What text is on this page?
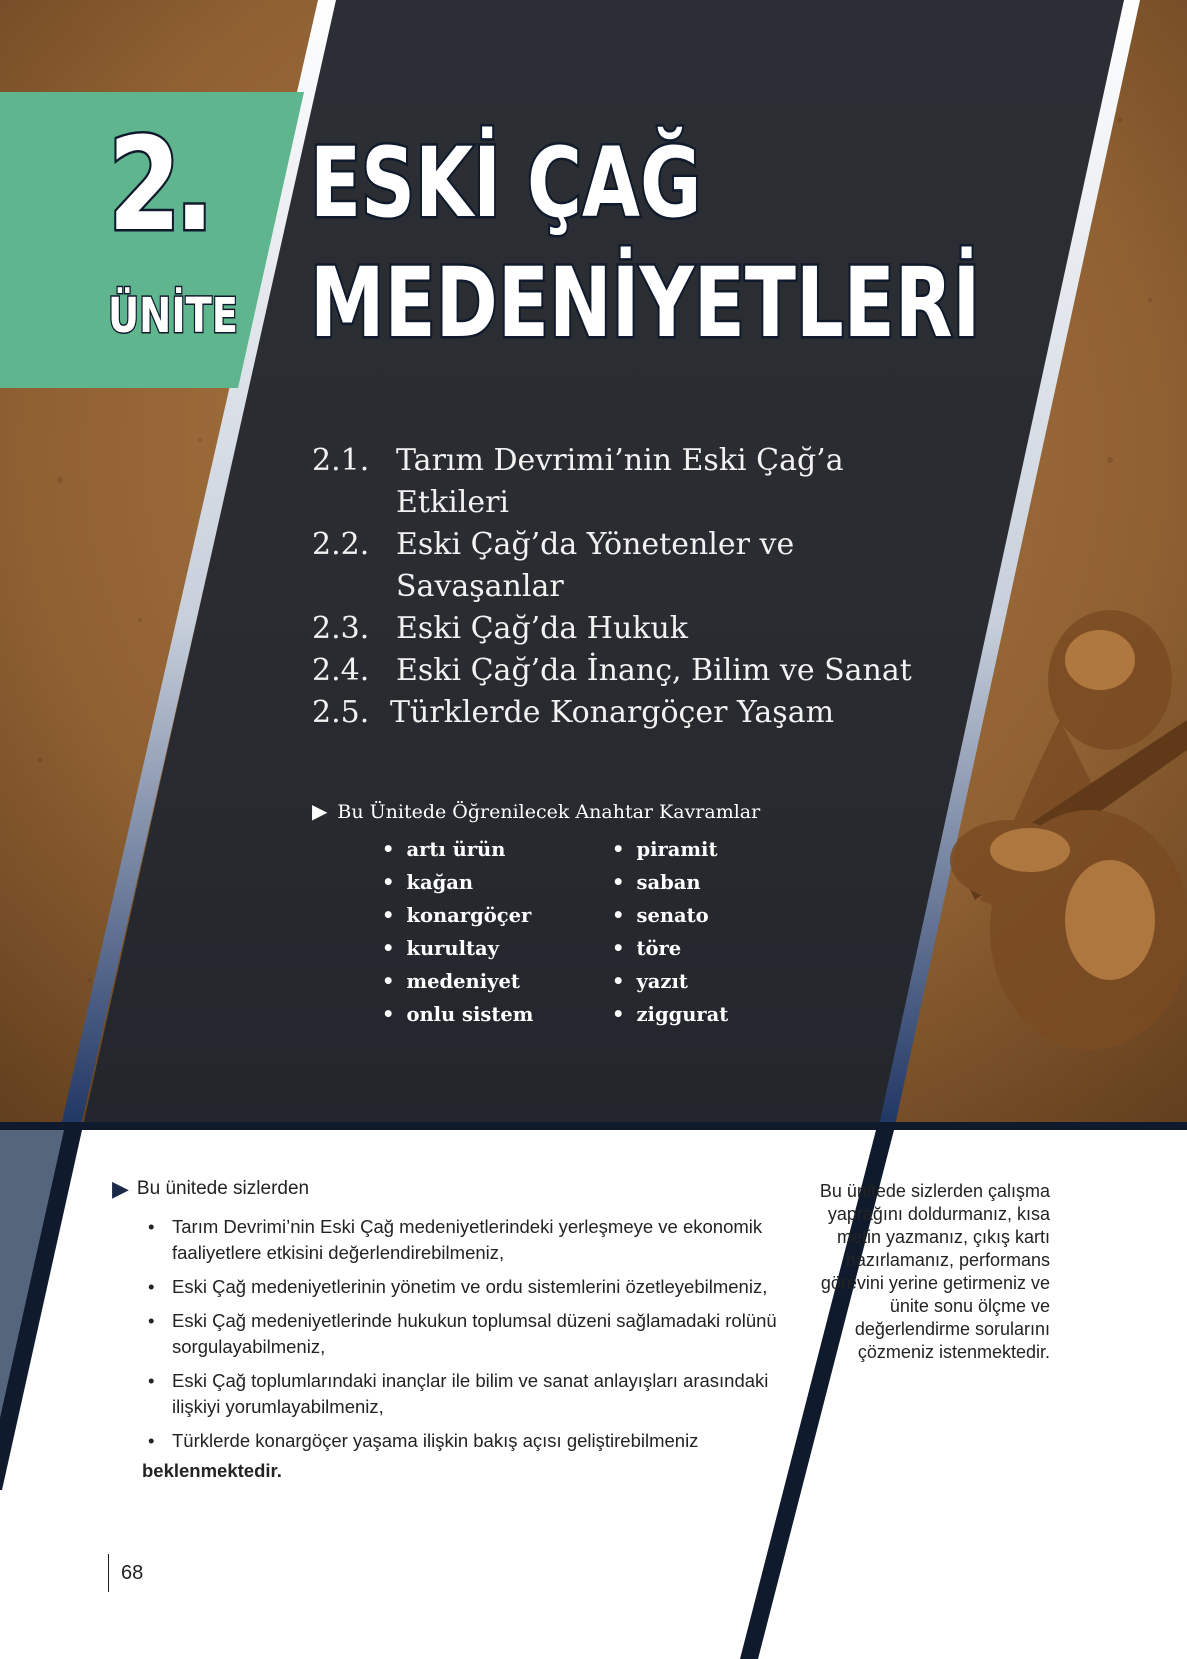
2.
ÜNİTE
ESKİ ÇAĞ
MEDENİYETLERİ
2.1. Tarım Devrimi’nin Eski Çağ’a Etkileri
2.2. Eski Çağ’da Yönetenler ve Savaşanlar
2.3. Eski Çağ’da Hukuk
2.4. Eski Çağ’da İnanç, Bilim ve Sanat
2.5. Türklerde Konargöçer Yaşam
▶ Bu Ünitede Öğrenilecek Anahtar Kavramlar
• artı ürün
• kağan
• konargöçer
• kurultay
• medeniyet
• onlu sistem
• piramit
• saban
• senato
• töre
• yazıt
• ziggurat
▶ Bu ünitede sizlerden
• Tarım Devrimi’nin Eski Çağ medeniyetlerindeki yerleşmeye ve ekonomik faaliyetlere etkisini değerlendirebilmeniz,
• Eski Çağ medeniyetlerinin yönetim ve ordu sistemlerini özetleyebilmeniz,
• Eski Çağ medeniyetlerinde hukukun toplumsal düzeni sağlamadaki rolünü sorgulayabilmeniz,
• Eski Çağ toplumlarındaki inançlar ile bilim ve sanat anlayışları arasındaki ilişkiyi yorumlayabilmeniz,
• Türklerde konargöçer yaşama ilişkin bakış açısı geliştirebilmeniz
beklenmektedir.
Bu ünitede sizlerden çalışma yaprağını doldurmanız, kısa metin yazmanız, çıkış kartı hazırlamanız, performans görevini yerine getirmeniz ve ünite sonu ölçme ve değerlendirme sorularını çözmeniz istenmektedir.
68
